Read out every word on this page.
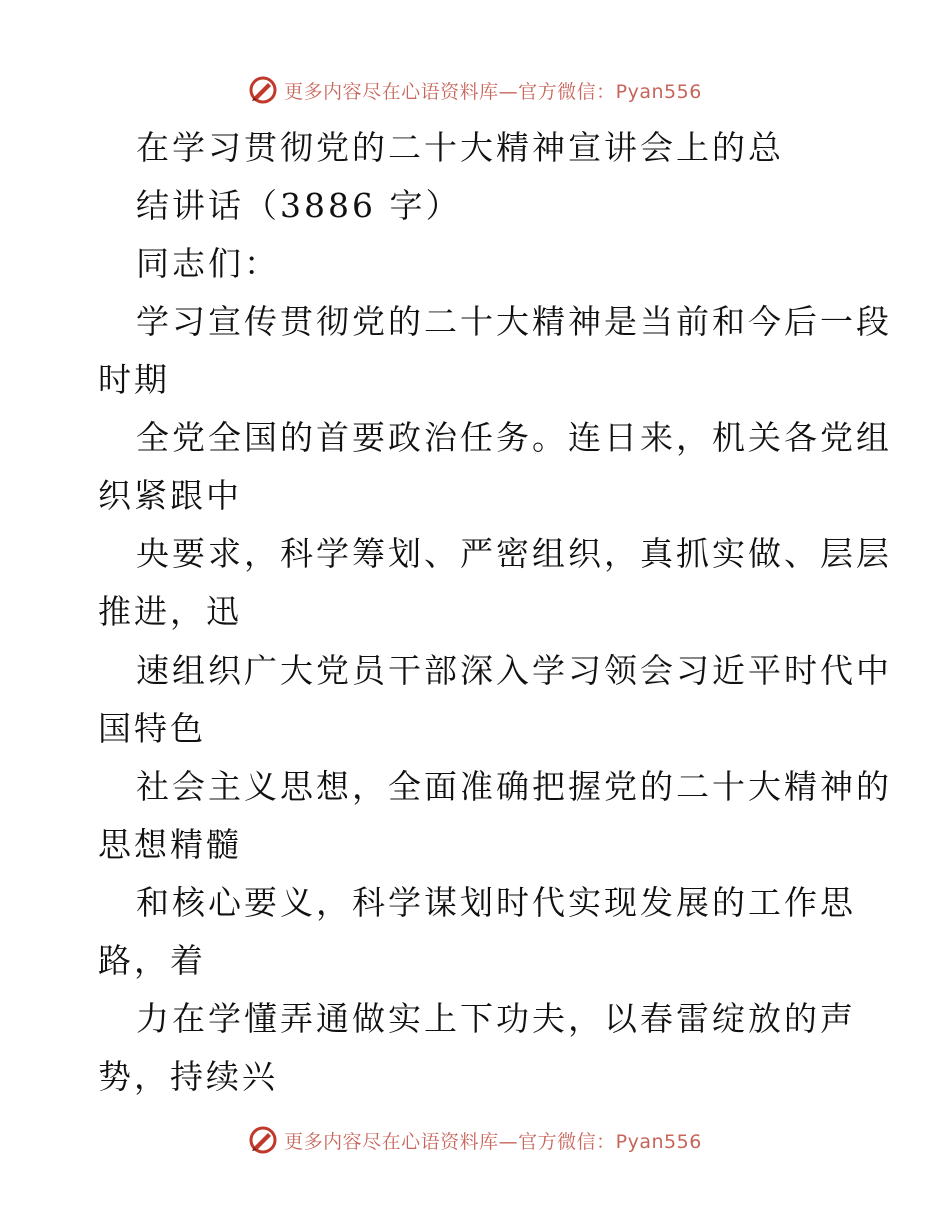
更多内容尽在心语资料库—官方微信：Pyan556
在学习贯彻党的二十大精神宣讲会上的总
结讲话（3886 字）
同志们：
学习宣传贯彻党的二十大精神是当前和今后一段
时期
全党全国的首要政治任务。连日来，机关各党组
织紧跟中
央要求，科学筹划、严密组织，真抓实做、层层
推进，迅
速组织广大党员干部深入学习领会习近平时代中
国特色
社会主义思想，全面准确把握党的二十大精神的
思想精髓
和核心要义，科学谋划时代实现发展的工作思
路，着
力在学懂弄通做实上下功夫，以春雷绽放的声
势，持续兴
更多内容尽在心语资料库—官方微信：Pyan556
